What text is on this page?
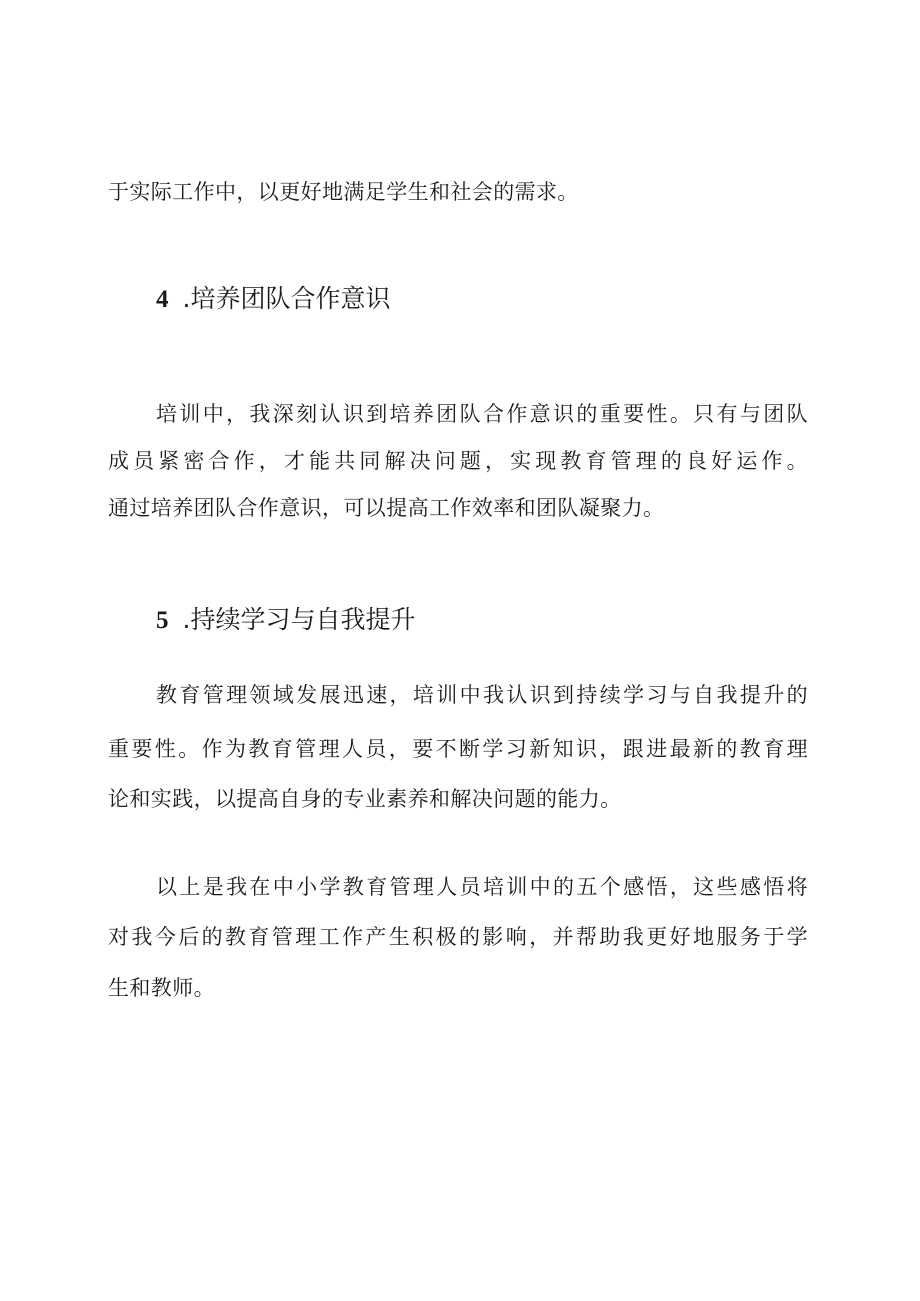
于实际工作中，以更好地满足学生和社会的需求。
4 .培养团队合作意识
培训中，我深刻认识到培养团队合作意识的重要性。只有与团队
成员紧密合作，才能共同解决问题，实现教育管理的良好运作。
通过培养团队合作意识，可以提高工作效率和团队凝聚力。
5 .持续学习与自我提升
教育管理领域发展迅速，培训中我认识到持续学习与自我提升的
重要性。作为教育管理人员，要不断学习新知识，跟进最新的教育理
论和实践，以提高自身的专业素养和解决问题的能力。
以上是我在中小学教育管理人员培训中的五个感悟，这些感悟将
对我今后的教育管理工作产生积极的影响，并帮助我更好地服务于学
生和教师。
